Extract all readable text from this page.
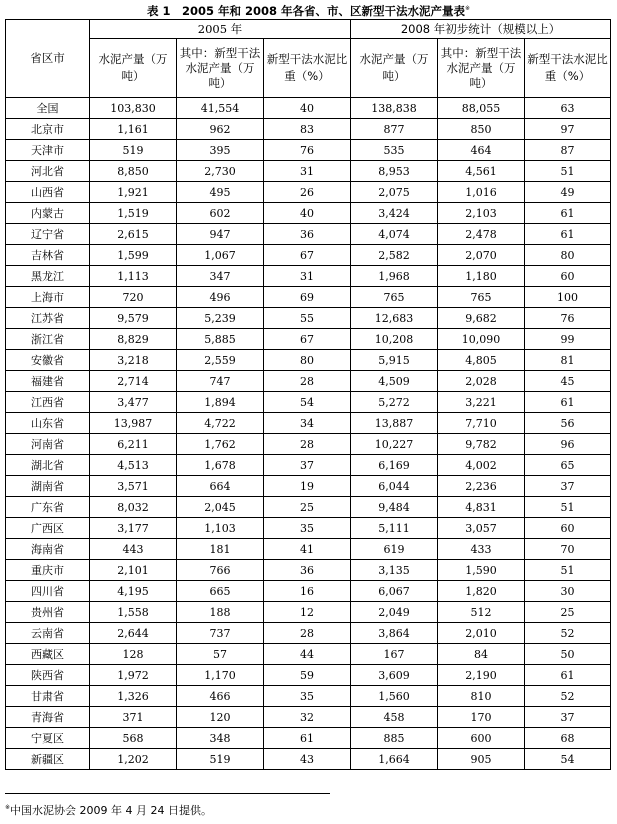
表 1　2005 年和 2008 年各省、市、区新型干法水泥产量表※
省区市	2005 年			2008 年初步统计（规模以上）		
	水泥产量（万吨）	其中：新型干法水泥产量（万吨）	新型干法水泥比重（%）	水泥产量（万吨）	其中：新型干法水泥产量（万吨）	新型干法水泥比重（%）
全国	103,830	41,554	40	138,838	88,055	63
北京市	1,161	962	83	877	850	97
天津市	519	395	76	535	464	87
河北省	8,850	2,730	31	8,953	4,561	51
山西省	1,921	495	26	2,075	1,016	49
内蒙古	1,519	602	40	3,424	2,103	61
辽宁省	2,615	947	36	4,074	2,478	61
吉林省	1,599	1,067	67	2,582	2,070	80
黑龙江	1,113	347	31	1,968	1,180	60
上海市	720	496	69	765	765	100
江苏省	9,579	5,239	55	12,683	9,682	76
浙江省	8,829	5,885	67	10,208	10,090	99
安徽省	3,218	2,559	80	5,915	4,805	81
福建省	2,714	747	28	4,509	2,028	45
江西省	3,477	1,894	54	5,272	3,221	61
山东省	13,987	4,722	34	13,887	7,710	56
河南省	6,211	1,762	28	10,227	9,782	96
湖北省	4,513	1,678	37	6,169	4,002	65
湖南省	3,571	664	19	6,044	2,236	37
广东省	8,032	2,045	25	9,484	4,831	51
广西区	3,177	1,103	35	5,111	3,057	60
海南省	443	181	41	619	433	70
重庆市	2,101	766	36	3,135	1,590	51
四川省	4,195	665	16	6,067	1,820	30
贵州省	1,558	188	12	2,049	512	25
云南省	2,644	737	28	3,864	2,010	52
西藏区	128	57	44	167	84	50
陕西省	1,972	1,170	59	3,609	2,190	61
甘肃省	1,326	466	35	1,560	810	52
青海省	371	120	32	458	170	37
宁夏区	568	348	61	885	600	68
新疆区	1,202	519	43	1,664	905	54
※中国水泥协会 2009 年 4 月 24 日提供。
